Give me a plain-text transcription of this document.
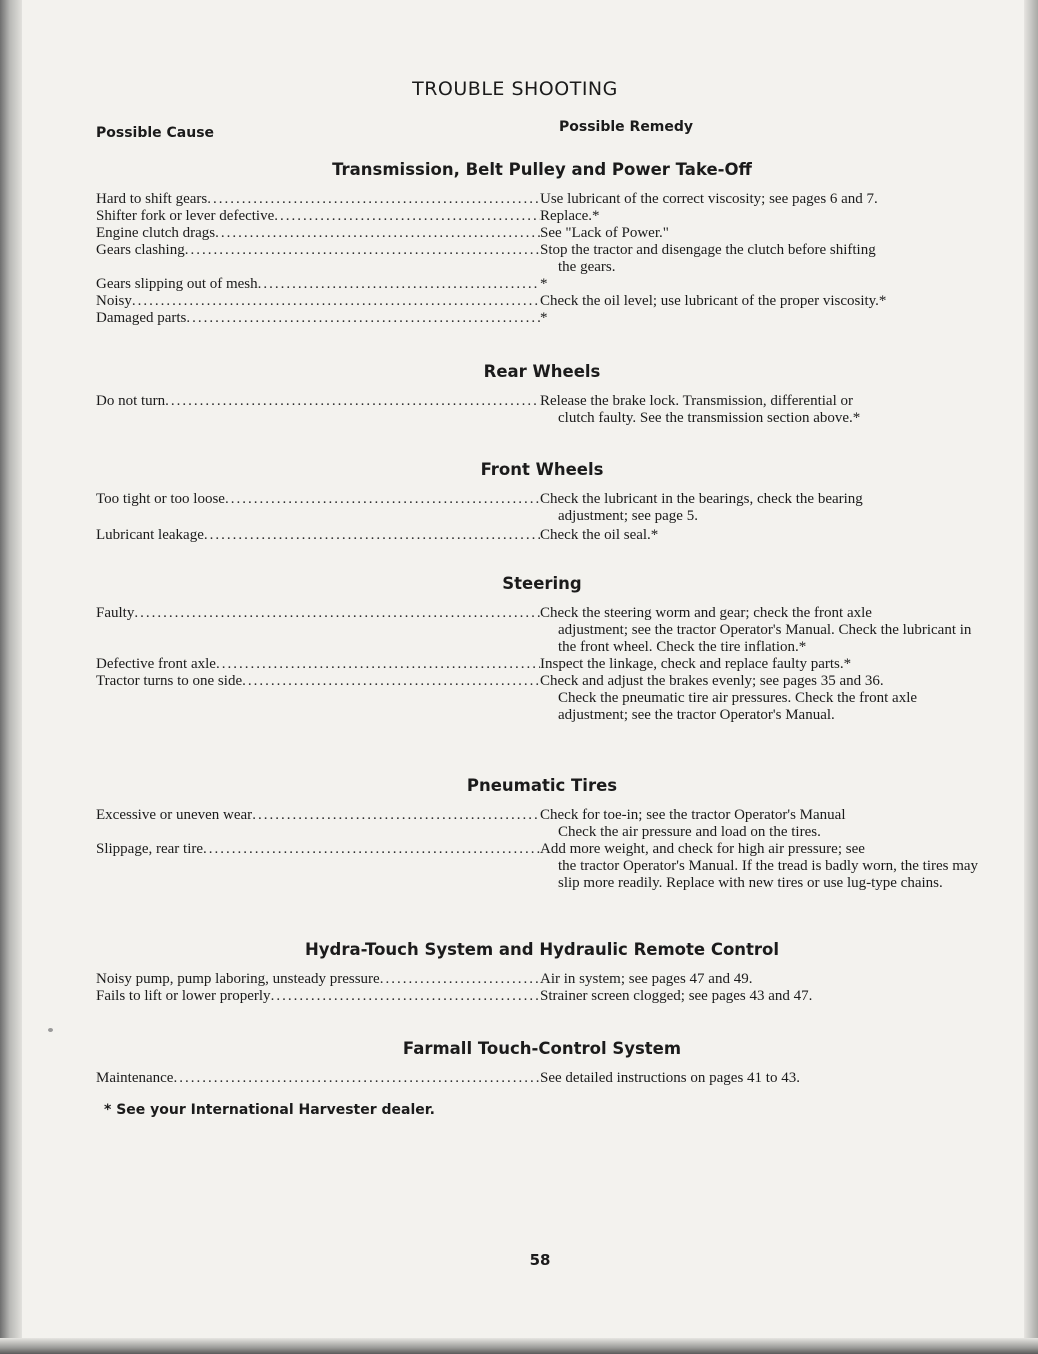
TROUBLE SHOOTING
Possible Cause	Possible Remedy
Transmission, Belt Pulley and Power Take-Off
Hard to shift gears .....	Use lubricant of the correct viscosity; see pages 6 and 7.
Shifter fork or lever defective .....	Replace.*
Engine clutch drags .....	See "Lack of Power."
Gears clashing .....	Stop the tractor and disengage the clutch before shifting
the gears.
Gears slipping out of mesh .....	*
Noisy .....	Check the oil level; use lubricant of the proper viscosity.*
Damaged parts .....	*
Rear Wheels
Do not turn .....	Release the brake lock. Transmission, differential or
clutch faulty. See the transmission section above.*
Front Wheels
Too tight or too loose .....	Check the lubricant in the bearings, check the bearing
adjustment; see page 5.
Lubricant leakage .....	Check the oil seal.*
Steering
Faulty .....	Check the steering worm and gear; check the front axle
adjustment; see the tractor Operator's Manual. Check the lubricant in the front wheel. Check the tire inflation.*
Defective front axle .....	Inspect the linkage, check and replace faulty parts.*
Tractor turns to one side .....	Check and adjust the brakes evenly; see pages 35 and 36.
Check the pneumatic tire air pressures. Check the front axle adjustment; see the tractor Operator's Manual.
Pneumatic Tires
Excessive or uneven wear .....	Check for toe-in; see the tractor Operator's Manual
Check the air pressure and load on the tires.
Slippage, rear tire .....	Add more weight, and check for high air pressure; see
the tractor Operator's Manual. If the tread is badly worn, the tires may slip more readily. Replace with new tires or use lug-type chains.
Hydra-Touch System and Hydraulic Remote Control
Noisy pump, pump laboring, unsteady pressure .....	Air in system; see pages 47 and 49.
Fails to lift or lower properly .....	Strainer screen clogged; see pages 43 and 47.
Farmall Touch-Control System
Maintenance .....	See detailed instructions on pages 41 to 43.
* See your International Harvester dealer.
58
